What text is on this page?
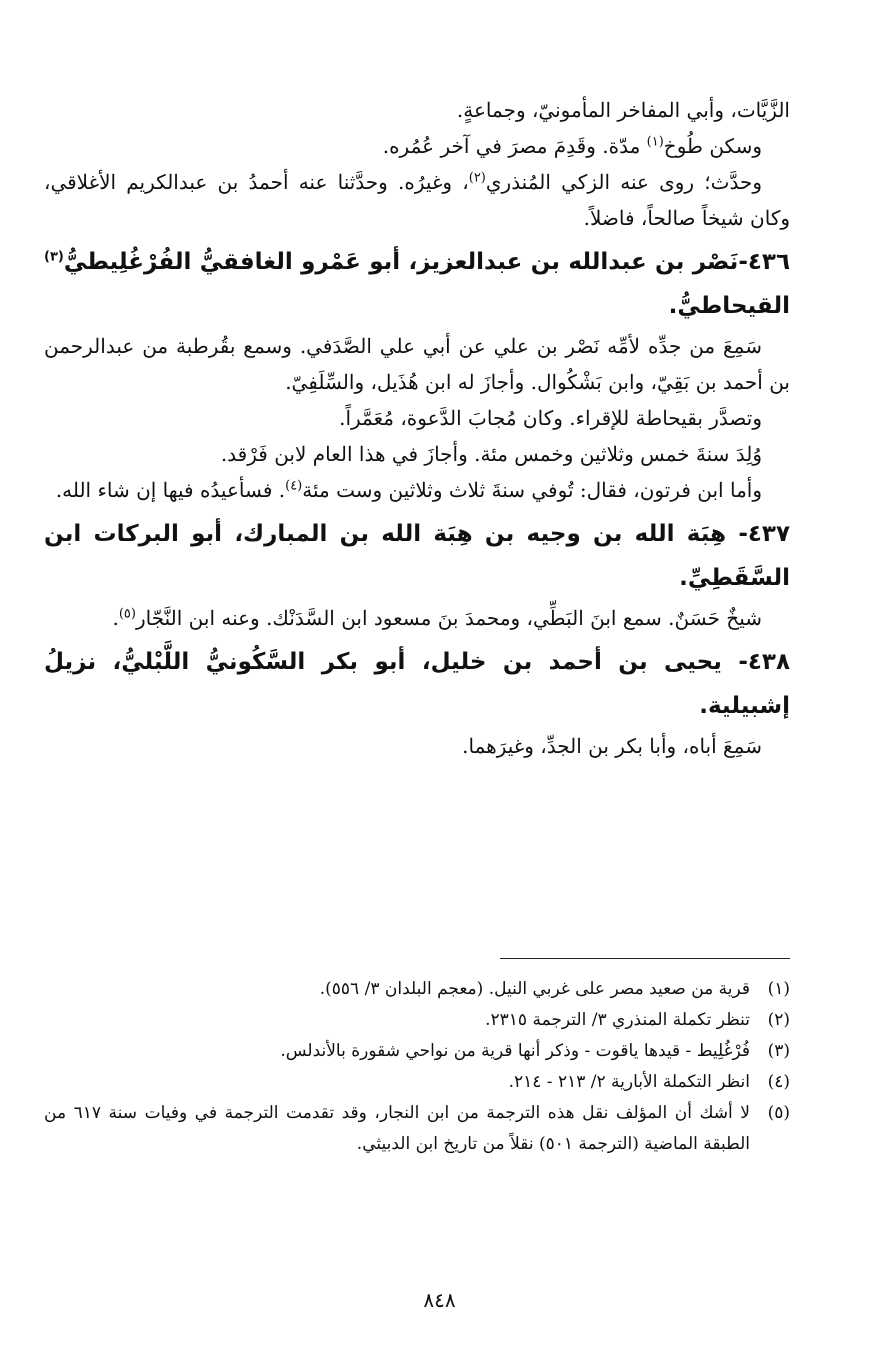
الزَّيَّات، وأبي المفاخر المأمونيّ، وجماعةٍ.

وسكن طُوخ$^{(١)}$ مدّة. وقَدِمَ مصرَ في آخر عُمُره.

وحدَّث؛ روى عنه الزكي المُنذري$^{(٢)}$، وغيرُه. وحدَّثنا عنه أحمدُ بن عبدالكريم الأغلاقي، وكان شيخاً صالحاً، فاضلاً.

٤٣٦-نَصْر بن عبدالله بن عبدالعزيز، أبو عَمْرو الغافقيُّ الفُرْغُلِيطيُّ$^{(٣)}$ القيحاطيُّ.

سَمِعَ من جدِّه لأمِّه نَصْر بن علي عن أبي علي الصَّدَفي. وسمع بقُرطبة من عبدالرحمن بن أحمد بن بَقِيّ، وابن بَشْكُوال. وأجازَ له ابن هُذَيل، والسِّلَفِيّ.

وتصدَّر بقيحاطة للإقراء. وكان مُجابَ الدَّعوة، مُعَمَّراً.

وُلِدَ سنةَ خمس وثلاثين وخمس مئة. وأجازَ في هذا العام لابن فَرْقد.

وأما ابن فرتون، فقال: تُوفي سنةَ ثلاث وثلاثين وست مئة$^{(٤)}$. فسأعيدُه فيها إن شاء الله.

٤٣٧- هِبَة الله بن وجيه بن هِبَة الله بن المبارك، أبو البركات ابن السَّقَطِيِّ.

شيخٌ حَسَنٌ. سمع ابنَ البَطِّي، ومحمدَ بنَ مسعود ابن السَّدَنْك. وعنه ابن النَّجّار$^{(٥)}$.

٤٣٨- يحيى بن أحمد بن خليل، أبو بكر السَّكُونيُّ اللَّبْليُّ، نزيلُ إشبيلية.

سَمِعَ أباه، وأبا بكر بن الجدِّ، وغيرَهما.

(١)
قرية من صعيد مصر على غربي النيل. (معجم البلدان ٣/ ٥٥٦).
(٢)
تنظر تكملة المنذري ٣/ الترجمة ٢٣١٥.
(٣)
فُرْغُلِيط - قيدها ياقوت - وذكر أنها قرية من نواحي شقورة بالأندلس.
(٤)
انظر التكملة الأبارية ٢/ ٢١٣ - ٢١٤.
(٥)
لا أشك أن المؤلف نقل هذه الترجمة من ابن النجار، وقد تقدمت الترجمة في وفيات سنة ٦١٧ من الطبقة الماضية (الترجمة ٥٠١) نقلاً من تاريخ ابن الدبيثي.
٨٤٨
